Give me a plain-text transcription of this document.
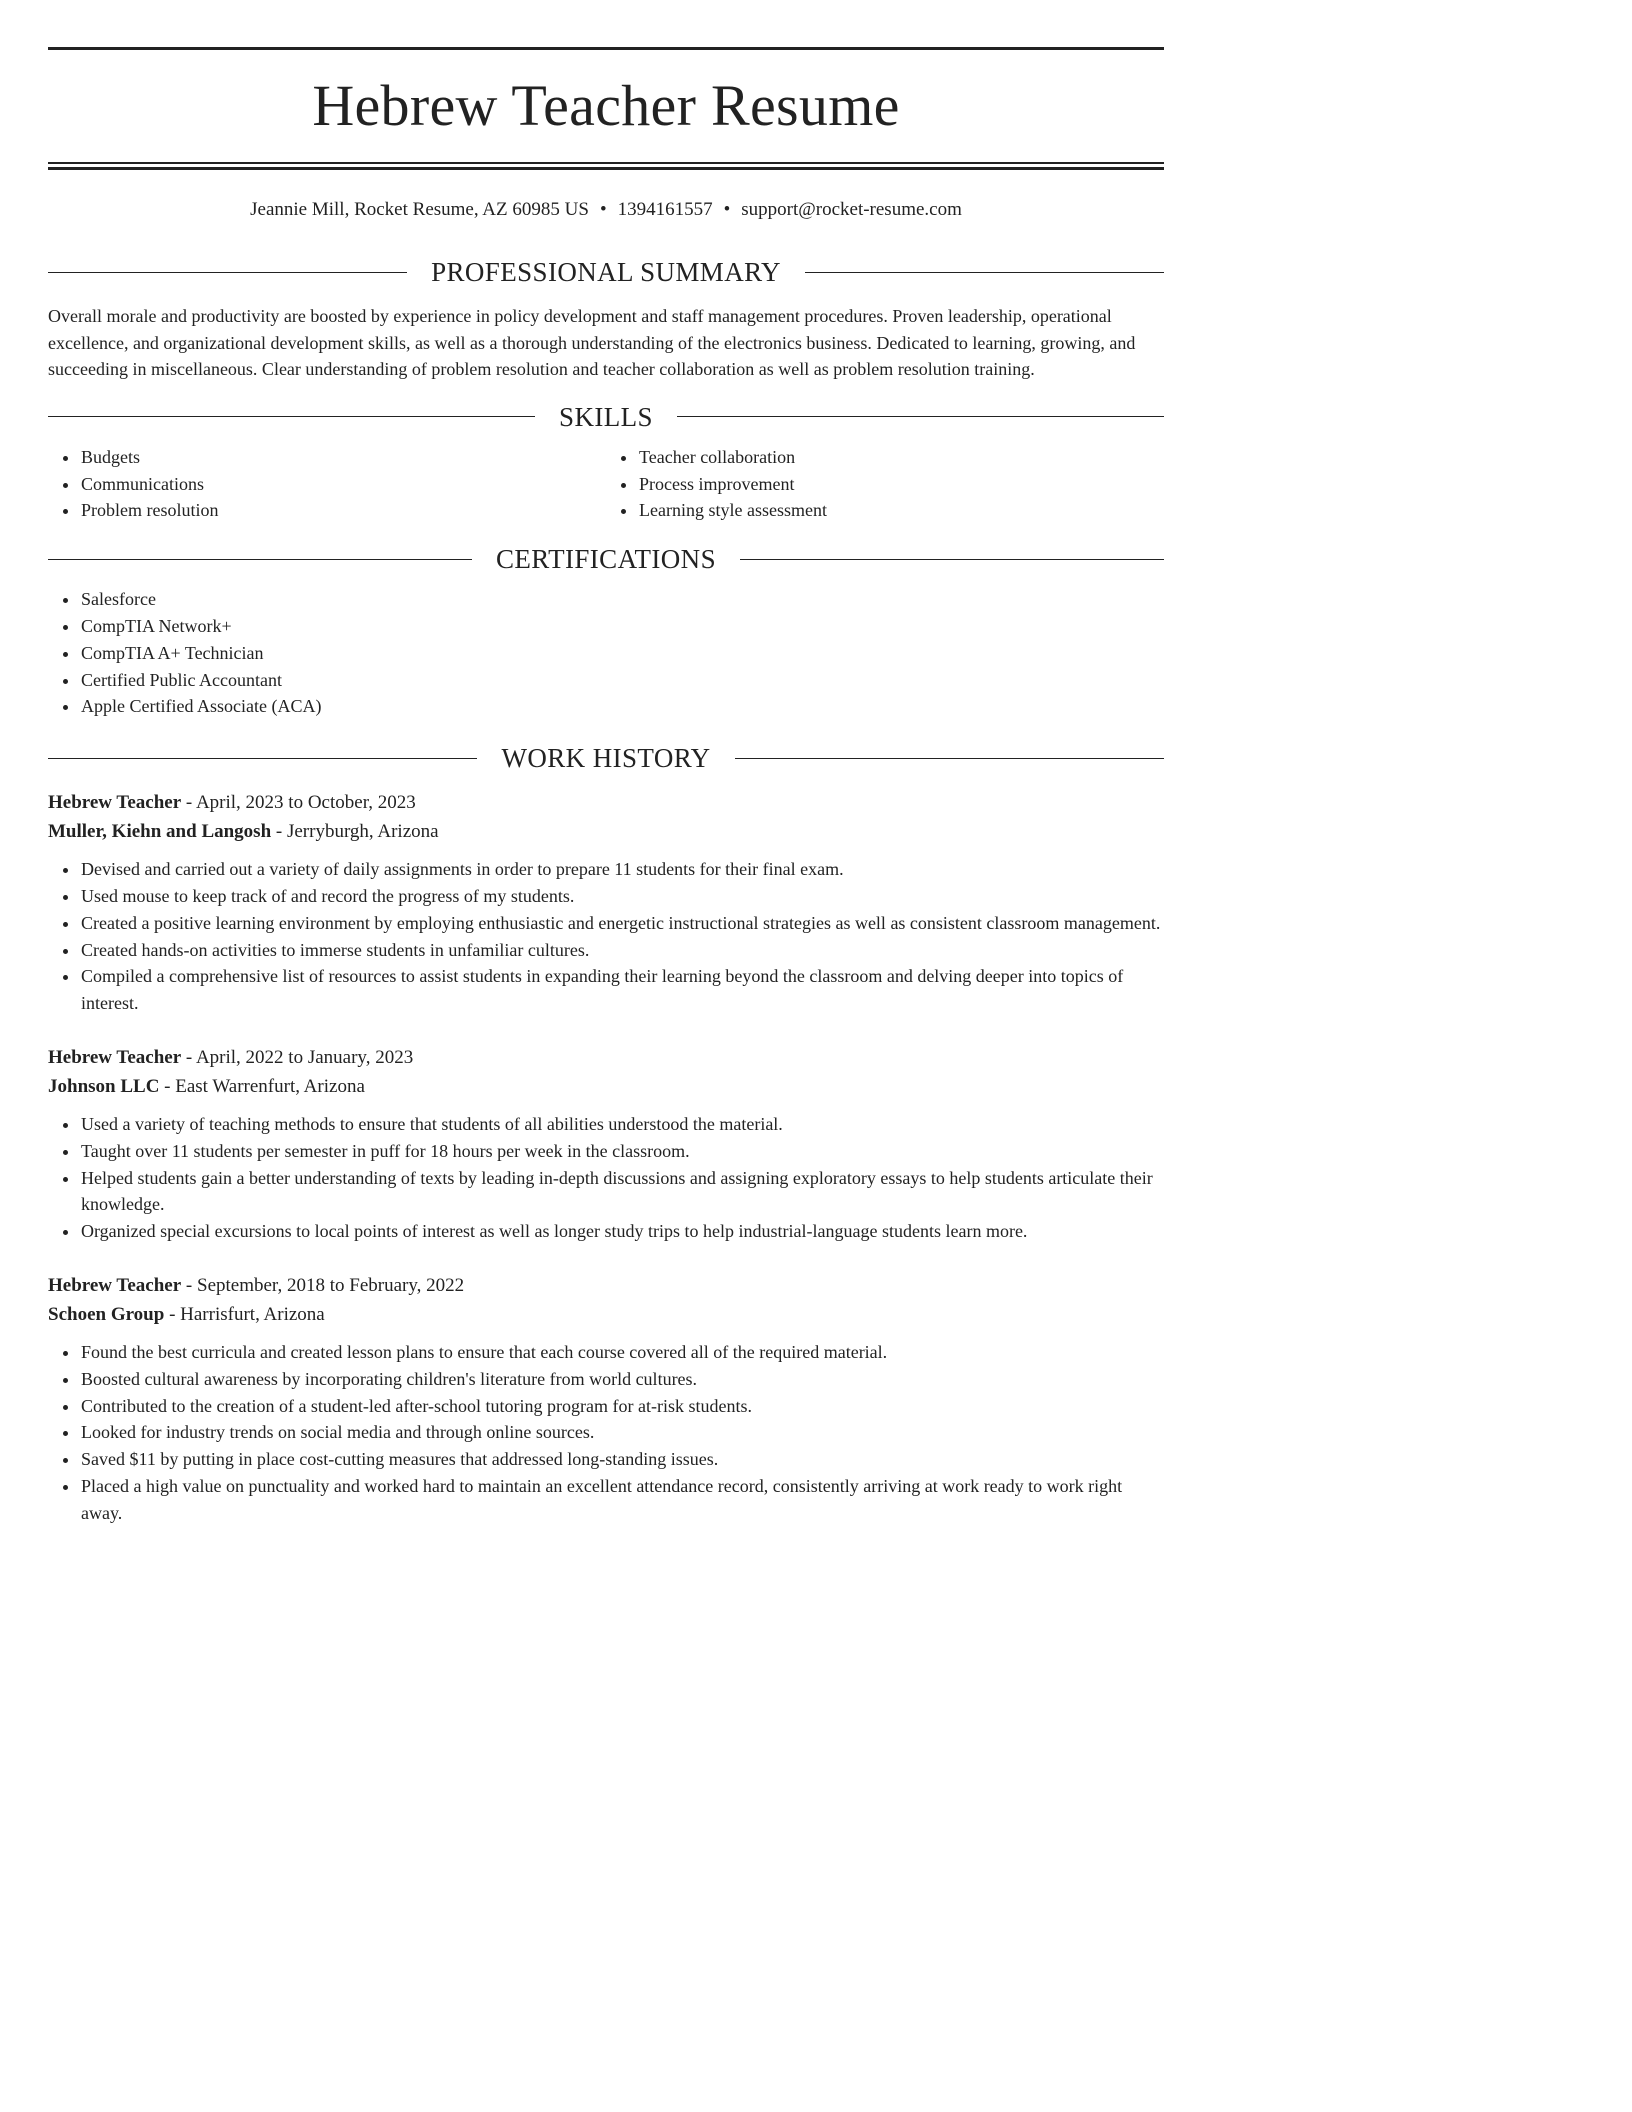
Hebrew Teacher Resume
Jeannie Mill, Rocket Resume, AZ 60985 US • 1394161557 • support@rocket-resume.com
PROFESSIONAL SUMMARY

Overall morale and productivity are boosted by experience in policy development and staff management procedures. Proven leadership, operational excellence, and organizational development skills, as well as a thorough understanding of the electronics business. Dedicated to learning, growing, and succeeding in miscellaneous. Clear understanding of problem resolution and teacher collaboration as well as problem resolution training.

SKILLS
• Budgets
• Communications
• Problem resolution
• Teacher collaboration
• Process improvement
• Learning style assessment
CERTIFICATIONS
• Salesforce
• CompTIA Network+
• CompTIA A+ Technician
• Certified Public Accountant
• Apple Certified Associate (ACA)
WORK HISTORY
Hebrew Teacher - April, 2023 to October, 2023
Muller, Kiehn and Langosh - Jerryburgh, Arizona
• Devised and carried out a variety of daily assignments in order to prepare 11 students for their final exam.
• Used mouse to keep track of and record the progress of my students.
• Created a positive learning environment by employing enthusiastic and energetic instructional strategies as well as consistent classroom management.
• Created hands-on activities to immerse students in unfamiliar cultures.
• Compiled a comprehensive list of resources to assist students in expanding their learning beyond the classroom and delving deeper into topics of interest.
Hebrew Teacher - April, 2022 to January, 2023
Johnson LLC - East Warrenfurt, Arizona
• Used a variety of teaching methods to ensure that students of all abilities understood the material.
• Taught over 11 students per semester in puff for 18 hours per week in the classroom.
• Helped students gain a better understanding of texts by leading in-depth discussions and assigning exploratory essays to help students articulate their knowledge.
• Organized special excursions to local points of interest as well as longer study trips to help industrial-language students learn more.
Hebrew Teacher - September, 2018 to February, 2022
Schoen Group - Harrisfurt, Arizona
• Found the best curricula and created lesson plans to ensure that each course covered all of the required material.
• Boosted cultural awareness by incorporating children's literature from world cultures.
• Contributed to the creation of a student-led after-school tutoring program for at-risk students.
• Looked for industry trends on social media and through online sources.
• Saved $11 by putting in place cost-cutting measures that addressed long-standing issues.
• Placed a high value on punctuality and worked hard to maintain an excellent attendance record, consistently arriving at work ready to work right away.
